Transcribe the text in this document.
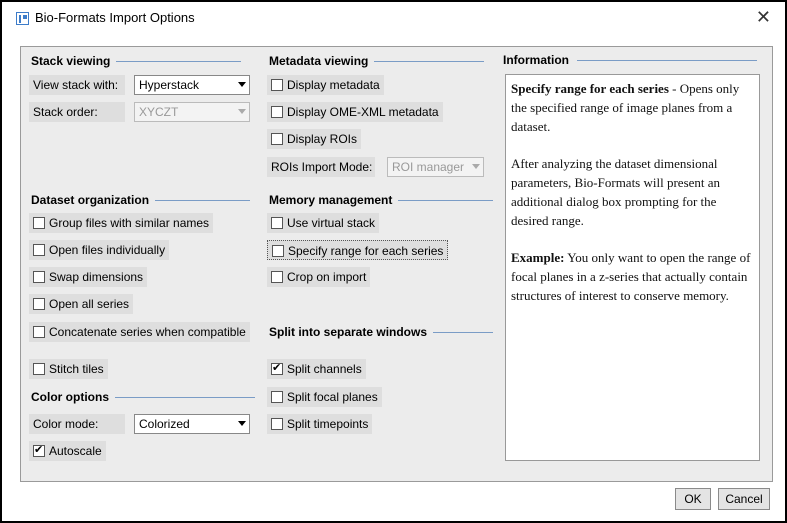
Bio-Formats Import Options	✕
Stack viewing
View stack with:	Hyperstack
Stack order:	XYCZT
Metadata viewing
Display metadata
Display OME-XML metadata
Display ROIs
ROIs Import Mode:	ROI manager
Dataset organization
Group files with similar names
Open files individually
Swap dimensions
Open all series
Concatenate series when compatible
Stitch tiles
Memory management
Use virtual stack
Specify range for each series
Crop on import
Split into separate windows
✔
Split channels
Split focal planes
Split timepoints
Color options
Color mode:	Colorized
✔
Autoscale
Information

Specify range for each series - Opens only the specified range of image planes from a dataset.

After analyzing the dataset dimensional parameters, Bio-Formats will present an additional dialog box prompting for the desired range.

Example: You only want to open the range of focal planes in a z-series that actually contain structures of interest to conserve memory.

OK	Cancel
